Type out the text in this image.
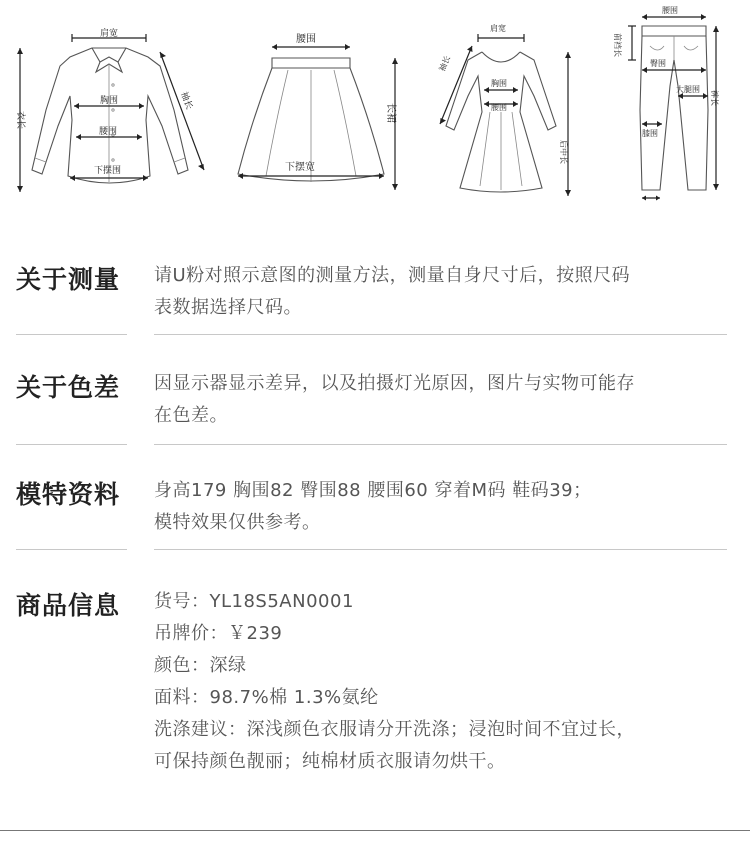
肩宽
胸围
腰围
下摆围
袖长
衣长
腰围
下摆宽
长裙
肩宽
袖长
胸围
腰围
后中长
腰围
前裆长
臀围
大腿围
膝围
裤长
关于测量 请U粉对照示意图的测量方法，测量自身尺寸后，按照尺码
表数据选择尺码。
关于色差 因显示器显示差异，以及拍摄灯光原因，图片与实物可能存
在色差。
模特资料 身高179 胸围82 臀围88 腰围60 穿着M码 鞋码39；
模特效果仅供参考。
商品信息 货号：YL18S5AN0001
吊牌价：￥239
颜色：深绿
面料：98.7%棉 1.3%氨纶
洗涤建议：深浅颜色衣服请分开洗涤；浸泡时间不宜过长，
可保持颜色靓丽；纯棉材质衣服请勿烘干。
